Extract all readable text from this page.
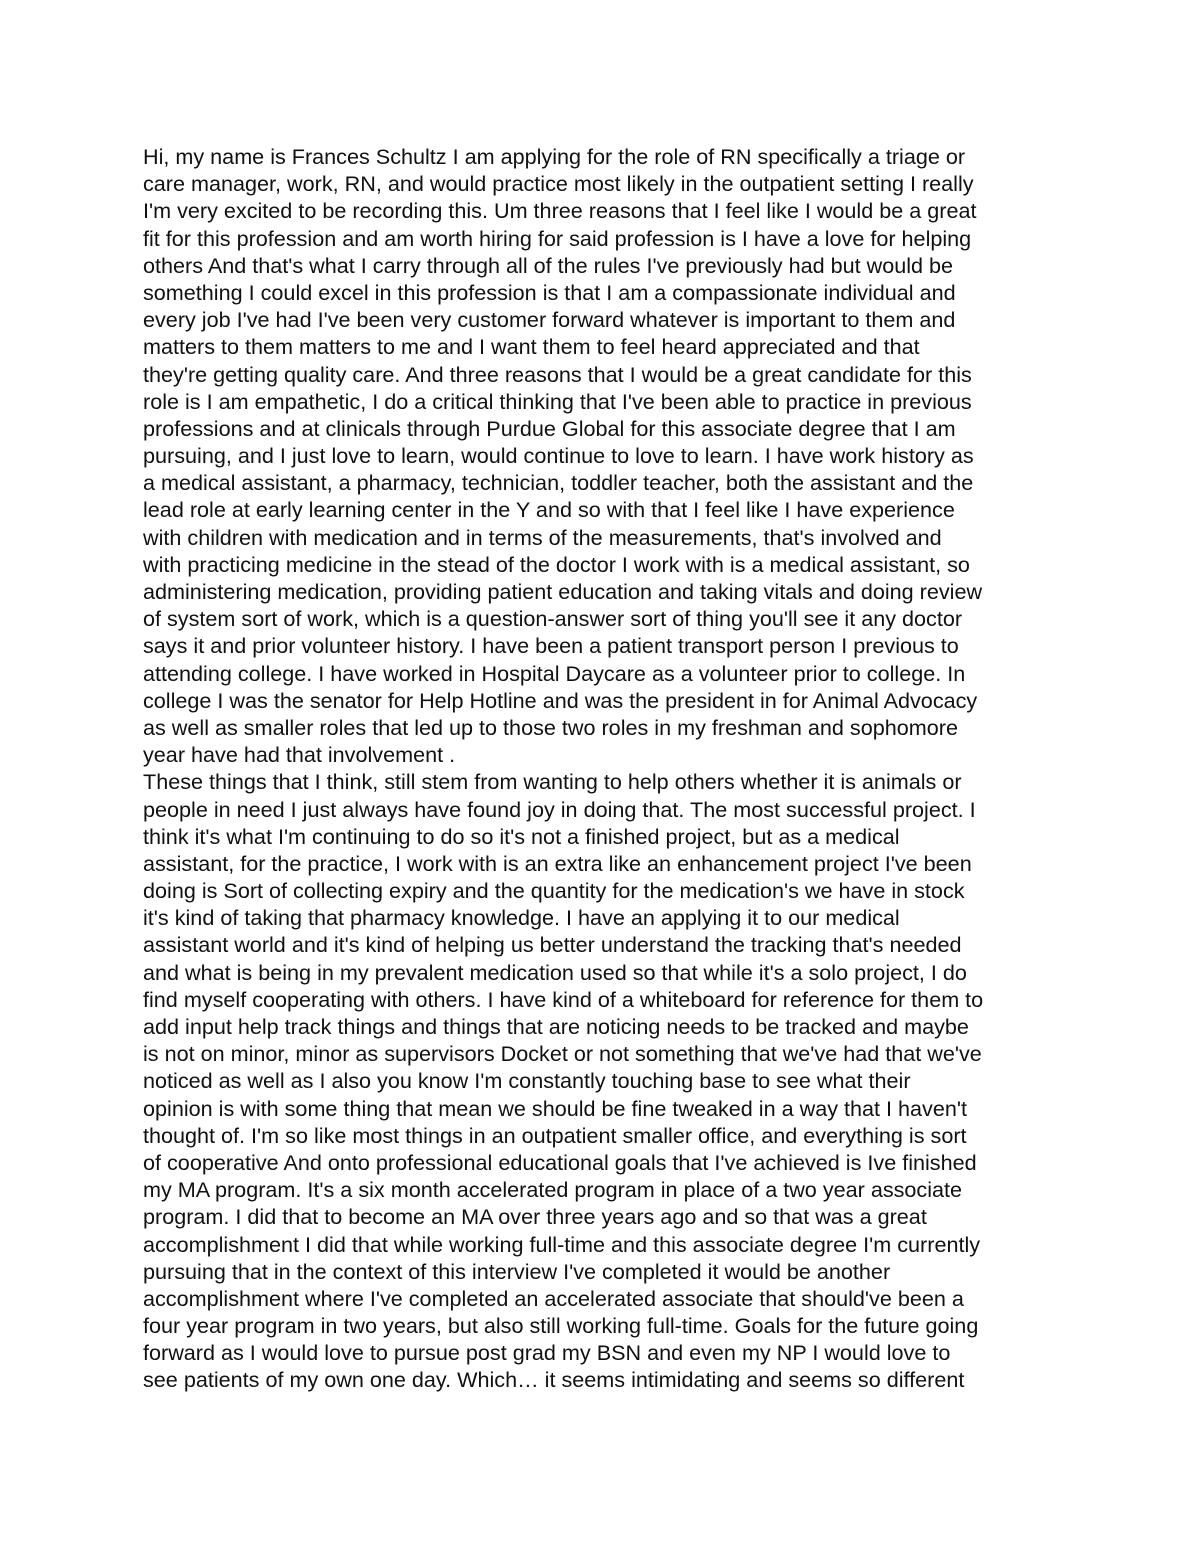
Hi, my name is Frances Schultz I am applying for the role of RN specifically a triage or
care manager, work, RN, and would practice most likely in the outpatient setting I really
I'm very excited to be recording this. Um three reasons that I feel like I would be a great
fit for this profession and am worth hiring for said profession is I have a love for helping
others And that's what I carry through all of the rules I've previously had but would be
something I could excel in this profession is that I am a compassionate individual and
every job I've had I've been very customer forward whatever is important to them and
matters to them matters to me and I want them to feel heard appreciated and that
they're getting quality care. And three reasons that I would be a great candidate for this
role is I am empathetic, I do a critical thinking that I've been able to practice in previous
professions and at clinicals through Purdue Global for this associate degree that I am
pursuing, and I just love to learn, would continue to love to learn. I have work history as
a medical assistant, a pharmacy, technician, toddler teacher, both the assistant and the
lead role at early learning center in the Y and so with that I feel like I have experience
with children with medication and in terms of the measurements, that's involved and
with practicing medicine in the stead of the doctor I work with is a medical assistant, so
administering medication, providing patient education and taking vitals and doing review
of system sort of work, which is a question-answer sort of thing you'll see it any doctor
says it and prior volunteer history. I have been a patient transport person I previous to
attending college. I have worked in Hospital Daycare as a volunteer prior to college. In
college I was the senator for Help Hotline and was the president in for Animal Advocacy
as well as smaller roles that led up to those two roles in my freshman and sophomore
year have had that involvement .
These things that I think, still stem from wanting to help others whether it is animals or
people in need I just always have found joy in doing that. The most successful project. I
think it's what I'm continuing to do so it's not a finished project, but as a medical
assistant, for the practice, I work with is an extra like an enhancement project I've been
doing is Sort of collecting expiry and the quantity for the medication's we have in stock
it's kind of taking that pharmacy knowledge. I have an applying it to our medical
assistant world and it's kind of helping us better understand the tracking that's needed
and what is being in my prevalent medication used so that while it's a solo project, I do
find myself cooperating with others. I have kind of a whiteboard for reference for them to
add input help track things and things that are noticing needs to be tracked and maybe
is not on minor, minor as supervisors Docket or not something that we've had that we've
noticed as well as I also you know I'm constantly touching base to see what their
opinion is with some thing that mean we should be fine tweaked in a way that I haven't
thought of. I'm so like most things in an outpatient smaller office, and everything is sort
of cooperative And onto professional educational goals that I've achieved is Ive finished
my MA program. It's a six month accelerated program in place of a two year associate
program. I did that to become an MA over three years ago and so that was a great
accomplishment I did that while working full-time and this associate degree I'm currently
pursuing that in the context of this interview I've completed it would be another
accomplishment where I've completed an accelerated associate that should've been a
four year program in two years, but also still working full-time. Goals for the future going
forward as I would love to pursue post grad my BSN and even my NP I would love to
see patients of my own one day. Which… it seems intimidating and seems so different
